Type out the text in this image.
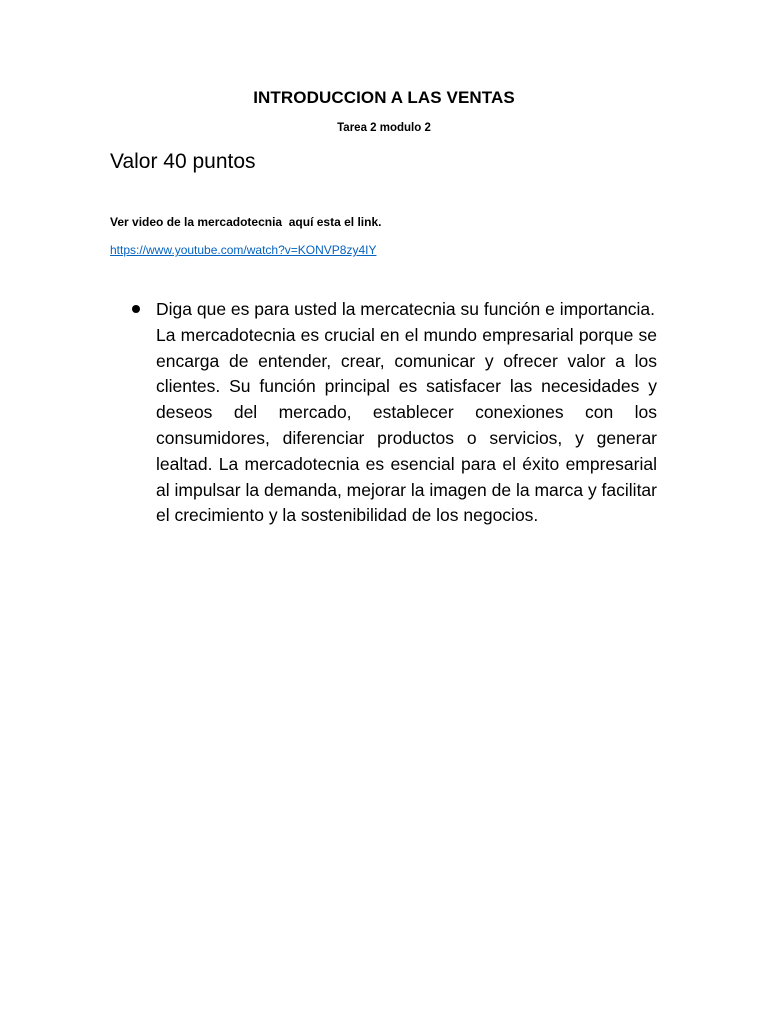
INTRODUCCION A LAS VENTAS
Tarea 2 modulo 2
Valor 40 puntos
Ver video de la mercadotecnia  aquí esta el link.
https://www.youtube.com/watch?v=KONVP8zy4IY

Diga que es para usted la mercatecnia su función e importancia.

La mercadotecnia es crucial en el mundo empresarial porque se encarga de entender, crear, comunicar y ofrecer valor a los clientes. Su función principal es satisfacer las necesidades y deseos del mercado, establecer conexiones con los consumidores, diferenciar productos o servicios, y generar lealtad. La mercadotecnia es esencial para el éxito empresarial al impulsar la demanda, mejorar la imagen de la marca y facilitar el crecimiento y la sostenibilidad de los negocios.
